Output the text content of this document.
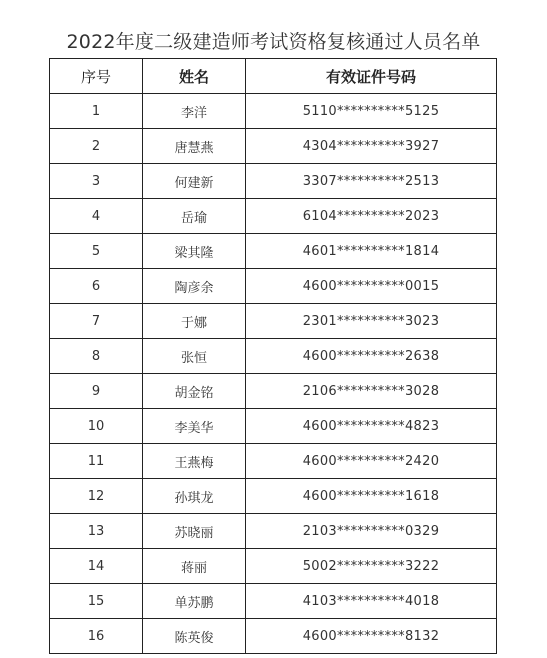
2022年度二级建造师考试资格复核通过人员名单
序号	姓名	有效证件号码
1	李洋	5110**********5125
2	唐慧燕	4304**********3927
3	何建新	3307**********2513
4	岳瑜	6104**********2023
5	梁其隆	4601**********1814
6	陶彦余	4600**********0015
7	于娜	2301**********3023
8	张恒	4600**********2638
9	胡金铭	2106**********3028
10	李美华	4600**********4823
11	王燕梅	4600**********2420
12	孙琪龙	4600**********1618
13	苏晓丽	2103**********0329
14	蒋丽	5002**********3222
15	单苏鹏	4103**********4018
16	陈英俊	4600**********8132
